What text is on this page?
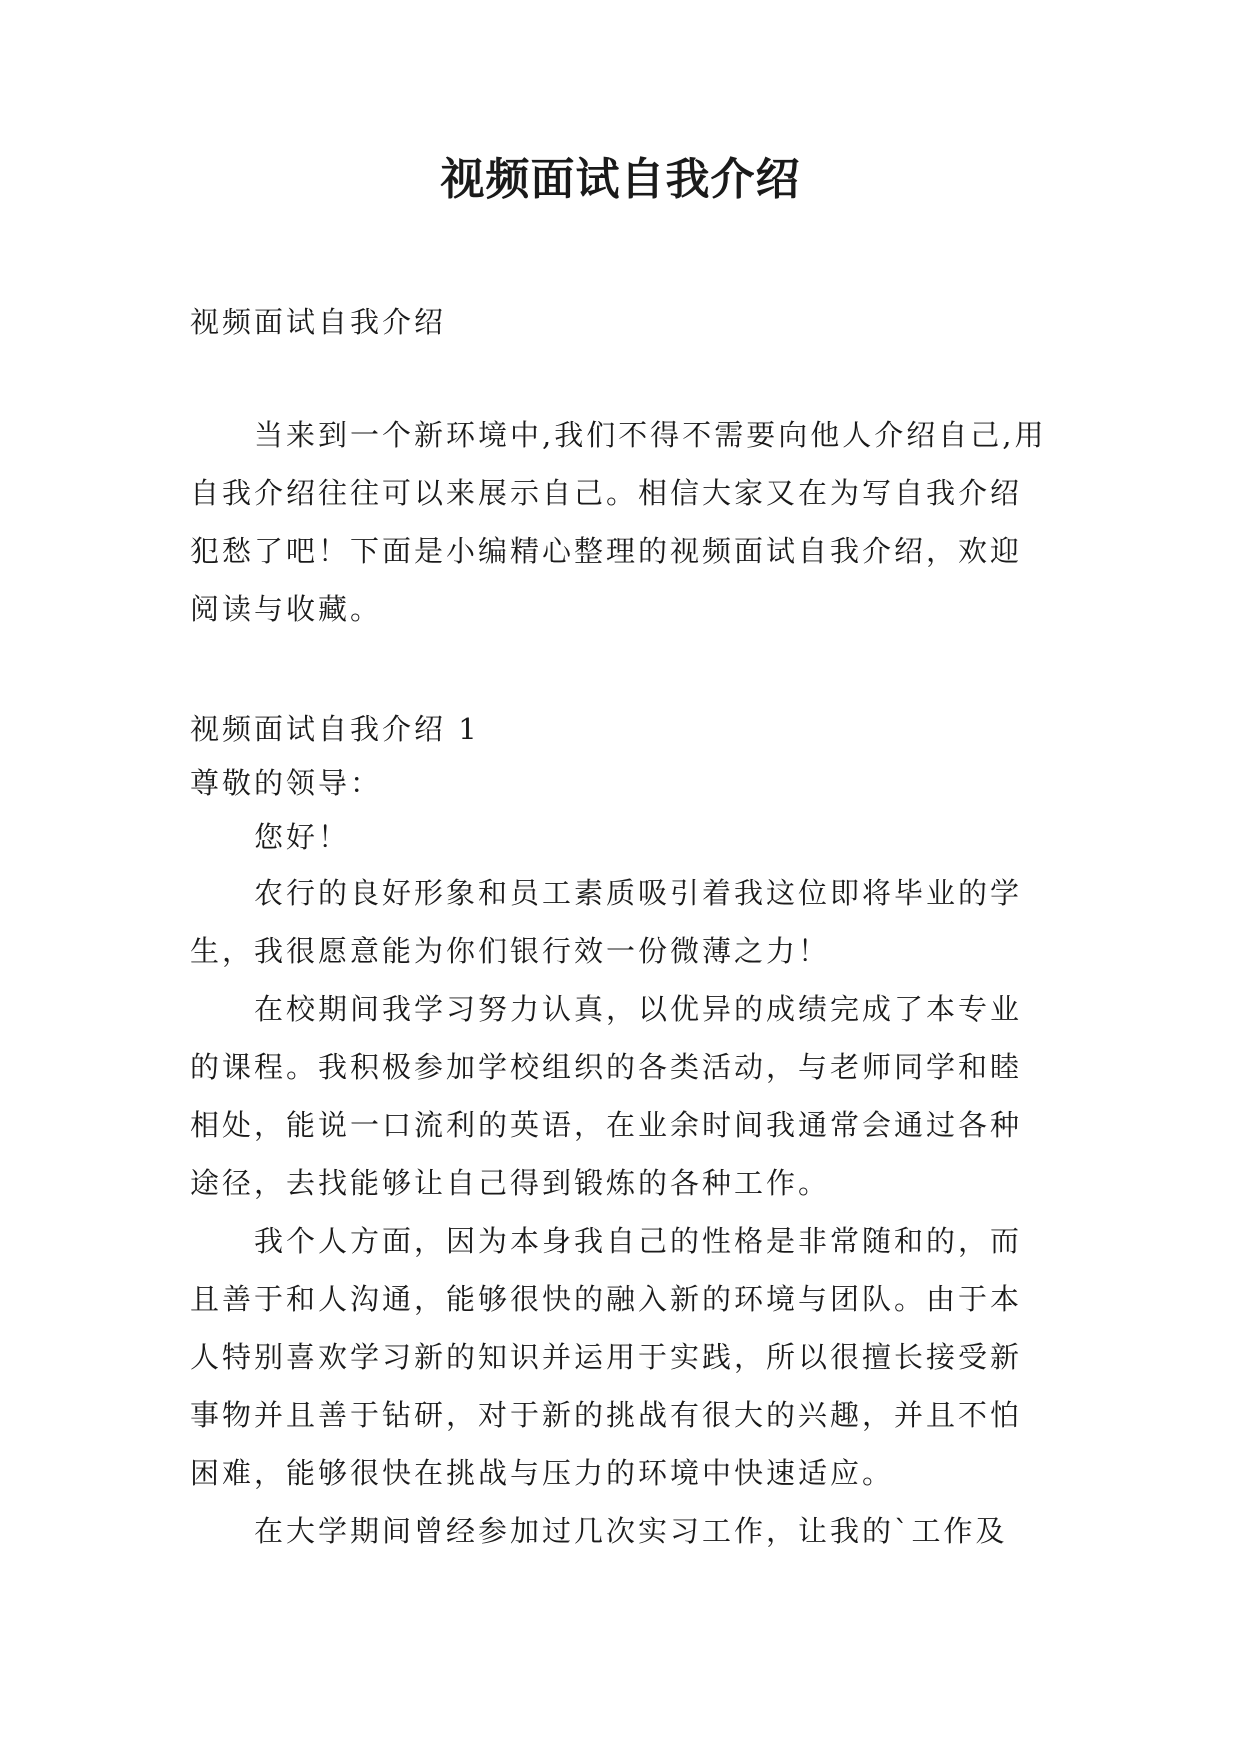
视频面试自我介绍
视频面试自我介绍

当来到一个新环境中,我们不得不需要向他人介绍自己,用自我介绍往往可以来展示自己。相信大家又在为写自我介绍犯愁了吧！下面是小编精心整理的视频面试自我介绍，欢迎阅读与收藏。

视频面试自我介绍 1

尊敬的领导：

您好！

农行的良好形象和员工素质吸引着我这位即将毕业的学生，我很愿意能为你们银行效一份微薄之力！

在校期间我学习努力认真，以优异的成绩完成了本专业的课程。我积极参加学校组织的各类活动，与老师同学和睦相处，能说一口流利的英语，在业余时间我通常会通过各种途径，去找能够让自己得到锻炼的各种工作。

我个人方面，因为本身我自己的性格是非常随和的，而且善于和人沟通，能够很快的融入新的环境与团队。由于本人特别喜欢学习新的知识并运用于实践，所以很擅长接受新事物并且善于钻研，对于新的挑战有很大的兴趣，并且不怕困难，能够很快在挑战与压力的环境中快速适应。

在大学期间曾经参加过几次实习工作，让我的`工作及
